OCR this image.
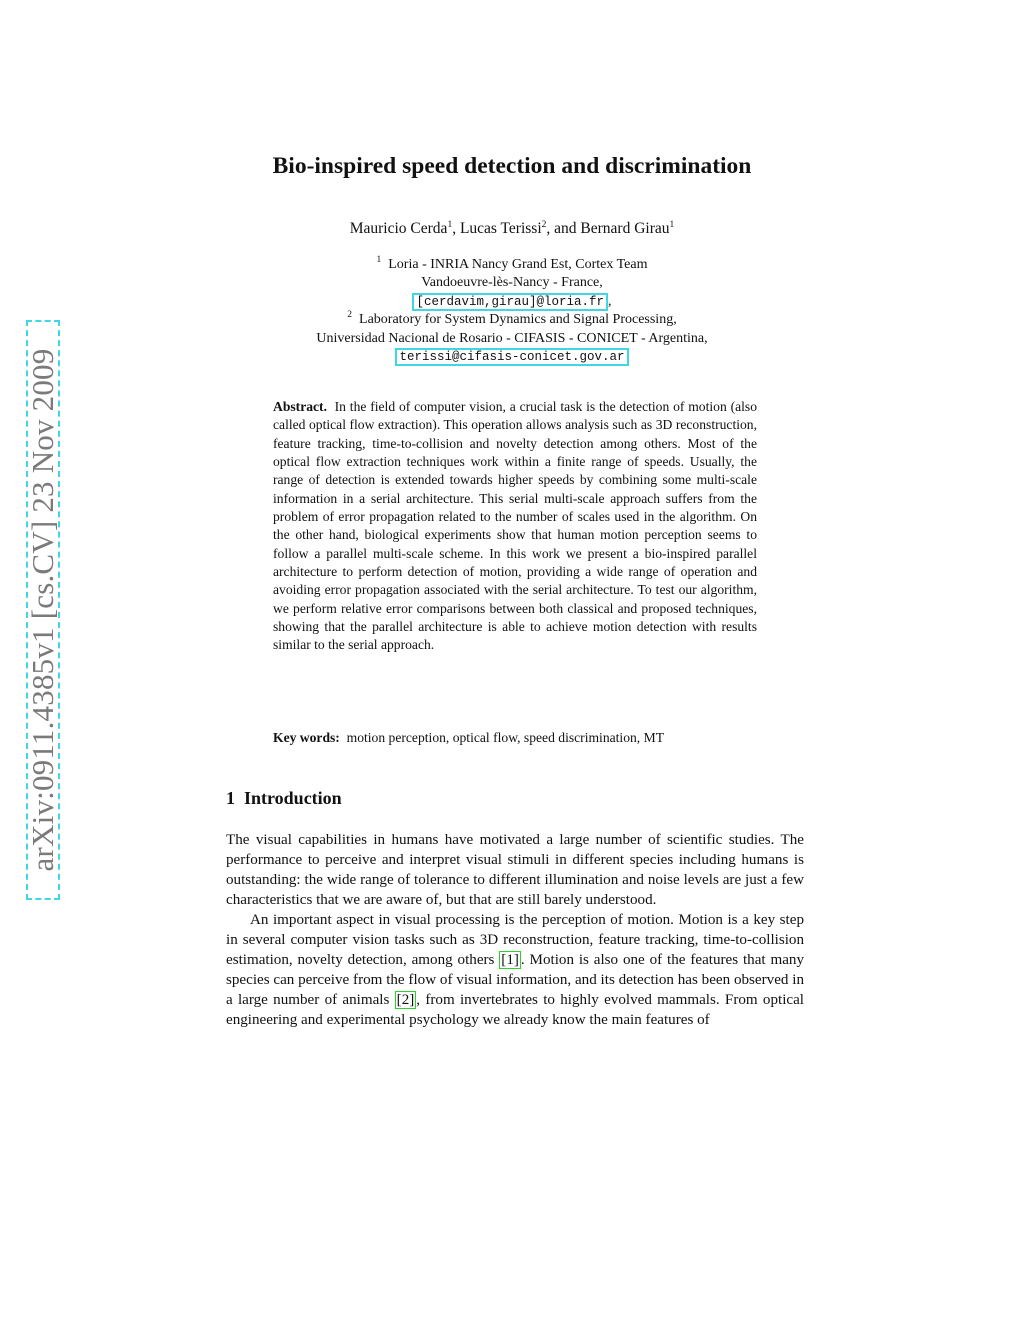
arXiv:0911.4385v1 [cs.CV] 23 Nov 2009
Bio-inspired speed detection and discrimination
Mauricio Cerda$^1$, Lucas Terissi$^2$, and Bernard Girau$^1$
$^1$ Loria - INRIA Nancy Grand Est, Cortex Team
Vandoeuvre-lès-Nancy - France,
[cerdavim,girau]@loria.fr ,
$^2$ Laboratory for System Dynamics and Signal Processing,
Universidad Nacional de Rosario - CIFASIS - CONICET - Argentina,
terissi@cifasis-conicet.gov.ar
Abstract. In the field of computer vision, a crucial task is the detection of motion (also called optical flow extraction). This operation allows analysis such as 3D reconstruction, feature tracking, time-to-collision and novelty detection among others. Most of the optical flow extraction techniques work within a finite range of speeds. Usually, the range of detection is extended towards higher speeds by combining some multi-scale information in a serial architecture. This serial multi-scale approach suffers from the problem of error propagation related to the number of scales used in the algorithm. On the other hand, biological experiments show that human motion perception seems to follow a parallel multi-scale scheme. In this work we present a bio-inspired parallel architecture to perform detection of motion, providing a wide range of operation and avoiding error propagation associated with the serial architecture. To test our algorithm, we perform relative error comparisons between both classical and proposed techniques, showing that the parallel architecture is able to achieve motion detection with results similar to the serial approach.
Key words: motion perception, optical flow, speed discrimination, MT
1 Introduction

The visual capabilities in humans have motivated a large number of scientific studies. The performance to perceive and interpret visual stimuli in different species including humans is outstanding: the wide range of tolerance to different illumination and noise levels are just a few characteristics that we are aware of, but that are still barely understood.

An important aspect in visual processing is the perception of motion. Motion is a key step in several computer vision tasks such as 3D reconstruction, feature tracking, time-to-collision estimation, novelty detection, among others [1] . Motion is also one of the features that many species can perceive from the flow of visual information, and its detection has been observed in a large number of animals [2] , from invertebrates to highly evolved mammals. From optical engineering and experimental psychology we already know the main features of
